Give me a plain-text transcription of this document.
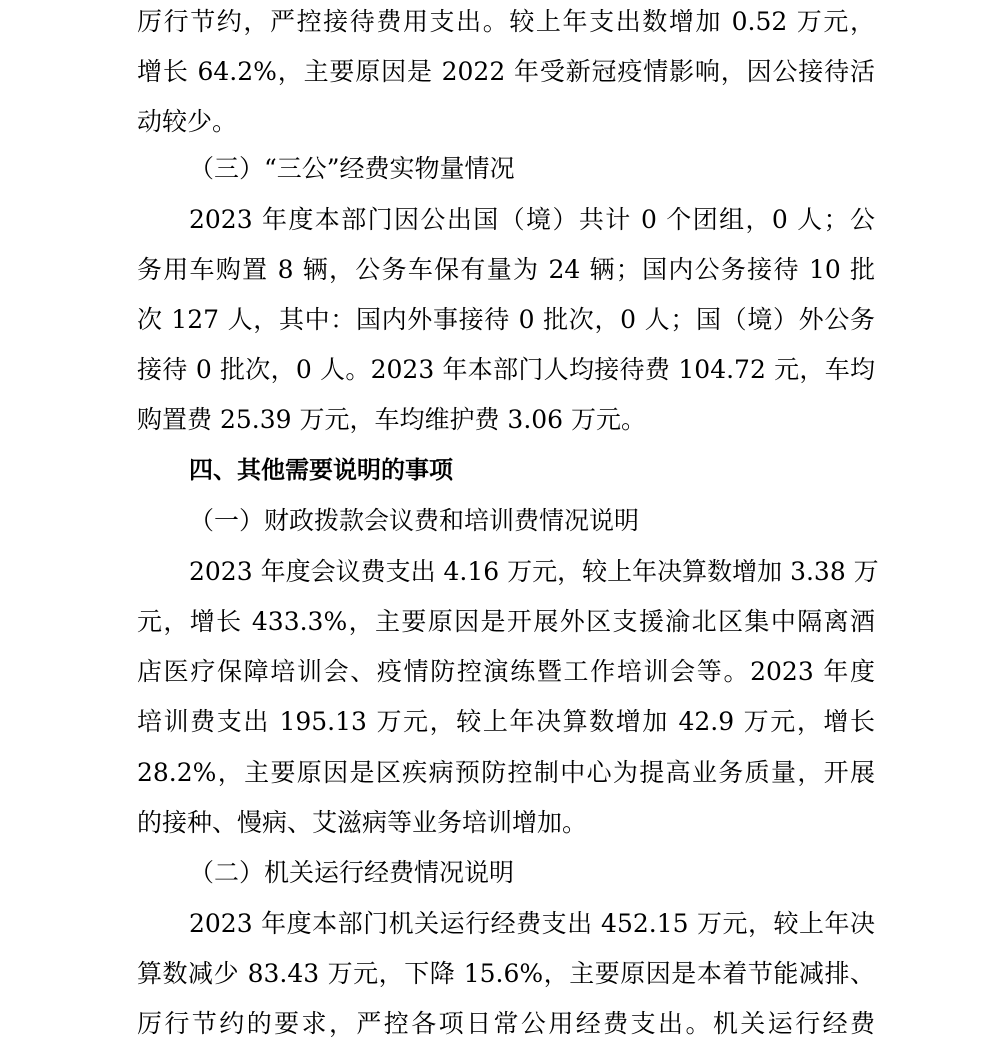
厉行节约，严控接待费用支出。较上年支出数增加 0.52 万元，
增长 64.2%，主要原因是 2022 年受新冠疫情影响，因公接待活
动较少。
（三）“三公”经费实物量情况
2023 年度本部门因公出国（境）共计 0 个团组，0 人；公
务用车购置 8 辆，公务车保有量为 24 辆；国内公务接待 10 批
次 127 人，其中：国内外事接待 0 批次，0 人；国（境）外公务
接待 0 批次，0 人。2023 年本部门人均接待费 104.72 元，车均
购置费 25.39 万元，车均维护费 3.06 万元。
四、其他需要说明的事项
（一）财政拨款会议费和培训费情况说明
2023 年度会议费支出 4.16 万元，较上年决算数增加 3.38 万
元，增长 433.3%，主要原因是开展外区支援渝北区集中隔离酒
店医疗保障培训会、疫情防控演练暨工作培训会等。2023 年度
培训费支出 195.13 万元，较上年决算数增加 42.9 万元，增长
28.2%，主要原因是区疾病预防控制中心为提高业务质量，开展
的接种、慢病、艾滋病等业务培训增加。
（二）机关运行经费情况说明
2023 年度本部门机关运行经费支出 452.15 万元，较上年决
算数减少 83.43 万元，下降 15.6%，主要原因是本着节能减排、
厉行节约的要求，严控各项日常公用经费支出。机关运行经费
